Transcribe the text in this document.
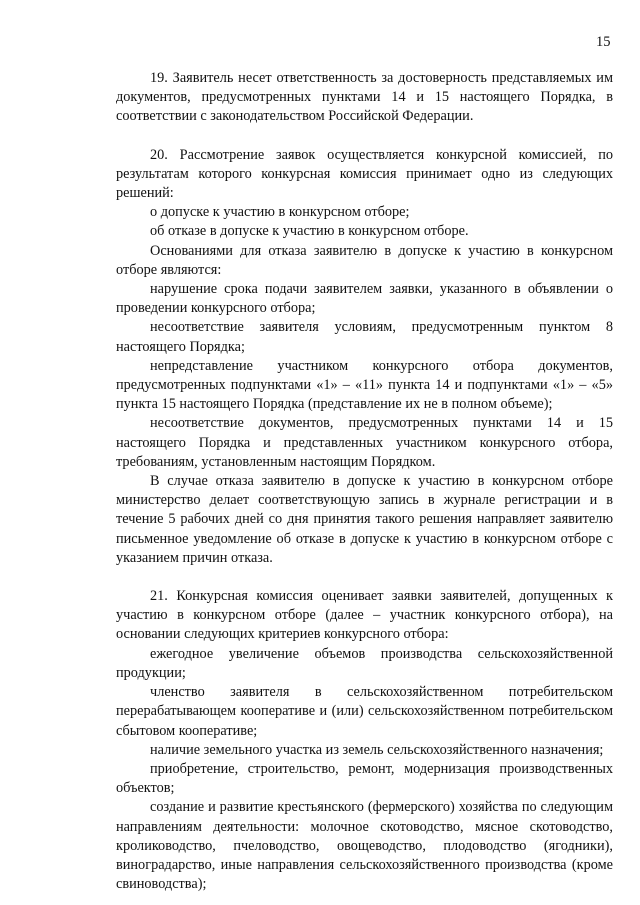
15

19. Заявитель несет ответственность за достоверность представляемых им документов, предусмотренных пунктами 14 и 15 настоящего Порядка, в соответствии с законодательством Российской Федерации.

20. Рассмотрение заявок осуществляется конкурсной комиссией, по результатам которого конкурсная комиссия принимает одно из следующих решений:

о допуске к участию в конкурсном отборе;

об отказе в допуске к участию в конкурсном отборе.

Основаниями для отказа заявителю в допуске к участию в конкурсном отборе являются:

нарушение срока подачи заявителем заявки, указанного в объявлении о проведении конкурсного отбора;

несоответствие заявителя условиям, предусмотренным пунктом 8 настоящего Порядка;

непредставление участником конкурсного отбора документов, предусмотренных подпунктами «1» – «11» пункта 14 и подпунктами «1» – «5» пункта 15 настоящего Порядка (представление их не в полном объеме);

несоответствие документов, предусмотренных пунктами 14 и 15 настоящего Порядка и представленных участником конкурсного отбора, требованиям, установленным настоящим Порядком.

В случае отказа заявителю в допуске к участию в конкурсном отборе министерство делает соответствующую запись в журнале регистрации и в течение 5 рабочих дней со дня принятия такого решения направляет заявителю письменное уведомление об отказе в допуске к участию в конкурсном отборе с указанием причин отказа.

21. Конкурсная комиссия оценивает заявки заявителей, допущенных к участию в конкурсном отборе (далее – участник конкурсного отбора), на основании следующих критериев конкурсного отбора:

ежегодное увеличение объемов производства сельскохозяйственной продукции;

членство заявителя в сельскохозяйственном потребительском перерабатывающем кооперативе и (или) сельскохозяйственном потребительском сбытовом кооперативе;

наличие земельного участка из земель сельскохозяйственного назначения;

приобретение, строительство, ремонт, модернизация производственных объектов;

создание и развитие крестьянского (фермерского) хозяйства по следующим направлениям деятельности: молочное скотоводство, мясное скотоводство, кролиководство, пчеловодство, овощеводство, плодоводство (ягодники), виноградарство, иные направления сельскохозяйственного производства (кроме свиноводства);
